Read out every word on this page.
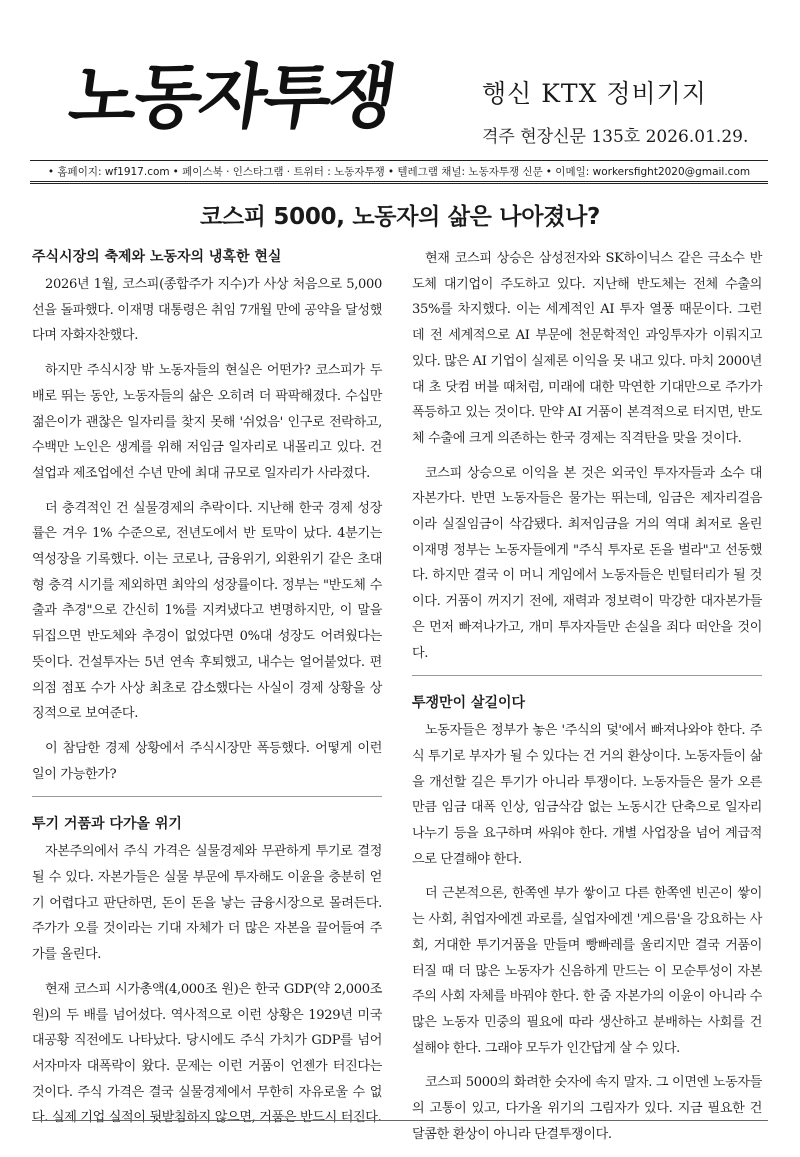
노동자투쟁	행신 KTX 정비기지
격주 현장신문 135호 2026.01.29.
• 홈페이지: wf1917.com • 페이스북 · 인스타그램 · 트위터 : 노동자투쟁 • 텔레그램 채널: 노동자투쟁 신문 • 이메일: workersfight2020@gmail.com
코스피 5000, 노동자의 삶은 나아졌나?
주식시장의 축제와 노동자의 냉혹한 현실

2026년 1월, 코스피(종합주가 지수)가 사상 처음으로 5,000선을 돌파했다. 이재명 대통령은 취임 7개월 만에 공약을 달성했다며 자화자찬했다.

하지만 주식시장 밖 노동자들의 현실은 어떤가? 코스피가 두 배로 뛰는 동안, 노동자들의 삶은 오히려 더 팍팍해졌다. 수십만 젊은이가 괜찮은 일자리를 찾지 못해 '쉬었음' 인구로 전락하고, 수백만 노인은 생계를 위해 저임금 일자리로 내몰리고 있다. 건설업과 제조업에선 수년 만에 최대 규모로 일자리가 사라졌다.

더 충격적인 건 실물경제의 추락이다. 지난해 한국 경제 성장률은 겨우 1% 수준으로, 전년도에서 반 토막이 났다. 4분기는 역성장을 기록했다. 이는 코로나, 금융위기, 외환위기 같은 초대형 충격 시기를 제외하면 최악의 성장률이다. 정부는 "반도체 수출과 추경"으로 간신히 1%를 지켜냈다고 변명하지만, 이 말을 뒤집으면 반도체와 추경이 없었다면 0%대 성장도 어려웠다는 뜻이다. 건설투자는 5년 연속 후퇴했고, 내수는 얼어붙었다. 편의점 점포 수가 사상 최초로 감소했다는 사실이 경제 상황을 상징적으로 보여준다.

이 참담한 경제 상황에서 주식시장만 폭등했다. 어떻게 이런 일이 가능한가?

투기 거품과 다가올 위기

자본주의에서 주식 가격은 실물경제와 무관하게 투기로 결정될 수 있다. 자본가들은 실물 부문에 투자해도 이윤을 충분히 얻기 어렵다고 판단하면, 돈이 돈을 낳는 금융시장으로 몰려든다. 주가가 오를 것이라는 기대 자체가 더 많은 자본을 끌어들여 주가를 올린다.

현재 코스피 시가총액(4,000조 원)은 한국 GDP(약 2,000조 원)의 두 배를 넘어섰다. 역사적으로 이런 상황은 1929년 미국 대공황 직전에도 나타났다. 당시에도 주식 가치가 GDP를 넘어서자마자 대폭락이 왔다. 문제는 이런 거품이 언젠가 터진다는 것이다. 주식 가격은 결국 실물경제에서 무한히 자유로울 수 없다. 실제 기업 실적이 뒷받침하지 않으면, 거품은 반드시 터진다.

현재 코스피 상승은 삼성전자와 SK하이닉스 같은 극소수 반도체 대기업이 주도하고 있다. 지난해 반도체는 전체 수출의 35%를 차지했다. 이는 세계적인 AI 투자 열풍 때문이다. 그런데 전 세계적으로 AI 부문에 천문학적인 과잉투자가 이뤄지고 있다. 많은 AI 기업이 실제론 이익을 못 내고 있다. 마치 2000년대 초 닷컴 버블 때처럼, 미래에 대한 막연한 기대만으로 주가가 폭등하고 있는 것이다. 만약 AI 거품이 본격적으로 터지면, 반도체 수출에 크게 의존하는 한국 경제는 직격탄을 맞을 것이다.

코스피 상승으로 이익을 본 것은 외국인 투자자들과 소수 대자본가다. 반면 노동자들은 물가는 뛰는데, 임금은 제자리걸음이라 실질임금이 삭감됐다. 최저임금을 거의 역대 최저로 올린 이재명 정부는 노동자들에게 "주식 투자로 돈을 벌라"고 선동했다. 하지만 결국 이 머니 게임에서 노동자들은 빈털터리가 될 것이다. 거품이 꺼지기 전에, 재력과 정보력이 막강한 대자본가들은 먼저 빠져나가고, 개미 투자자들만 손실을 죄다 떠안을 것이다.

투쟁만이 살길이다

노동자들은 정부가 놓은 '주식의 덫'에서 빠져나와야 한다. 주식 투기로 부자가 될 수 있다는 건 거의 환상이다. 노동자들이 삶을 개선할 길은 투기가 아니라 투쟁이다. 노동자들은 물가 오른 만큼 임금 대폭 인상, 임금삭감 없는 노동시간 단축으로 일자리 나누기 등을 요구하며 싸워야 한다. 개별 사업장을 넘어 계급적으로 단결해야 한다.

더 근본적으론, 한쪽엔 부가 쌓이고 다른 한쪽엔 빈곤이 쌓이는 사회, 취업자에겐 과로를, 실업자에겐 '게으름'을 강요하는 사회, 거대한 투기거품을 만들며 빵빠레를 울리지만 결국 거품이 터질 때 더 많은 노동자가 신음하게 만드는 이 모순투성이 자본주의 사회 자체를 바꿔야 한다. 한 줌 자본가의 이윤이 아니라 수많은 노동자 민중의 필요에 따라 생산하고 분배하는 사회를 건설해야 한다. 그래야 모두가 인간답게 살 수 있다.

코스피 5000의 화려한 숫자에 속지 말자. 그 이면엔 노동자들의 고통이 있고, 다가올 위기의 그림자가 있다. 지금 필요한 건 달콤한 환상이 아니라 단결투쟁이다.
